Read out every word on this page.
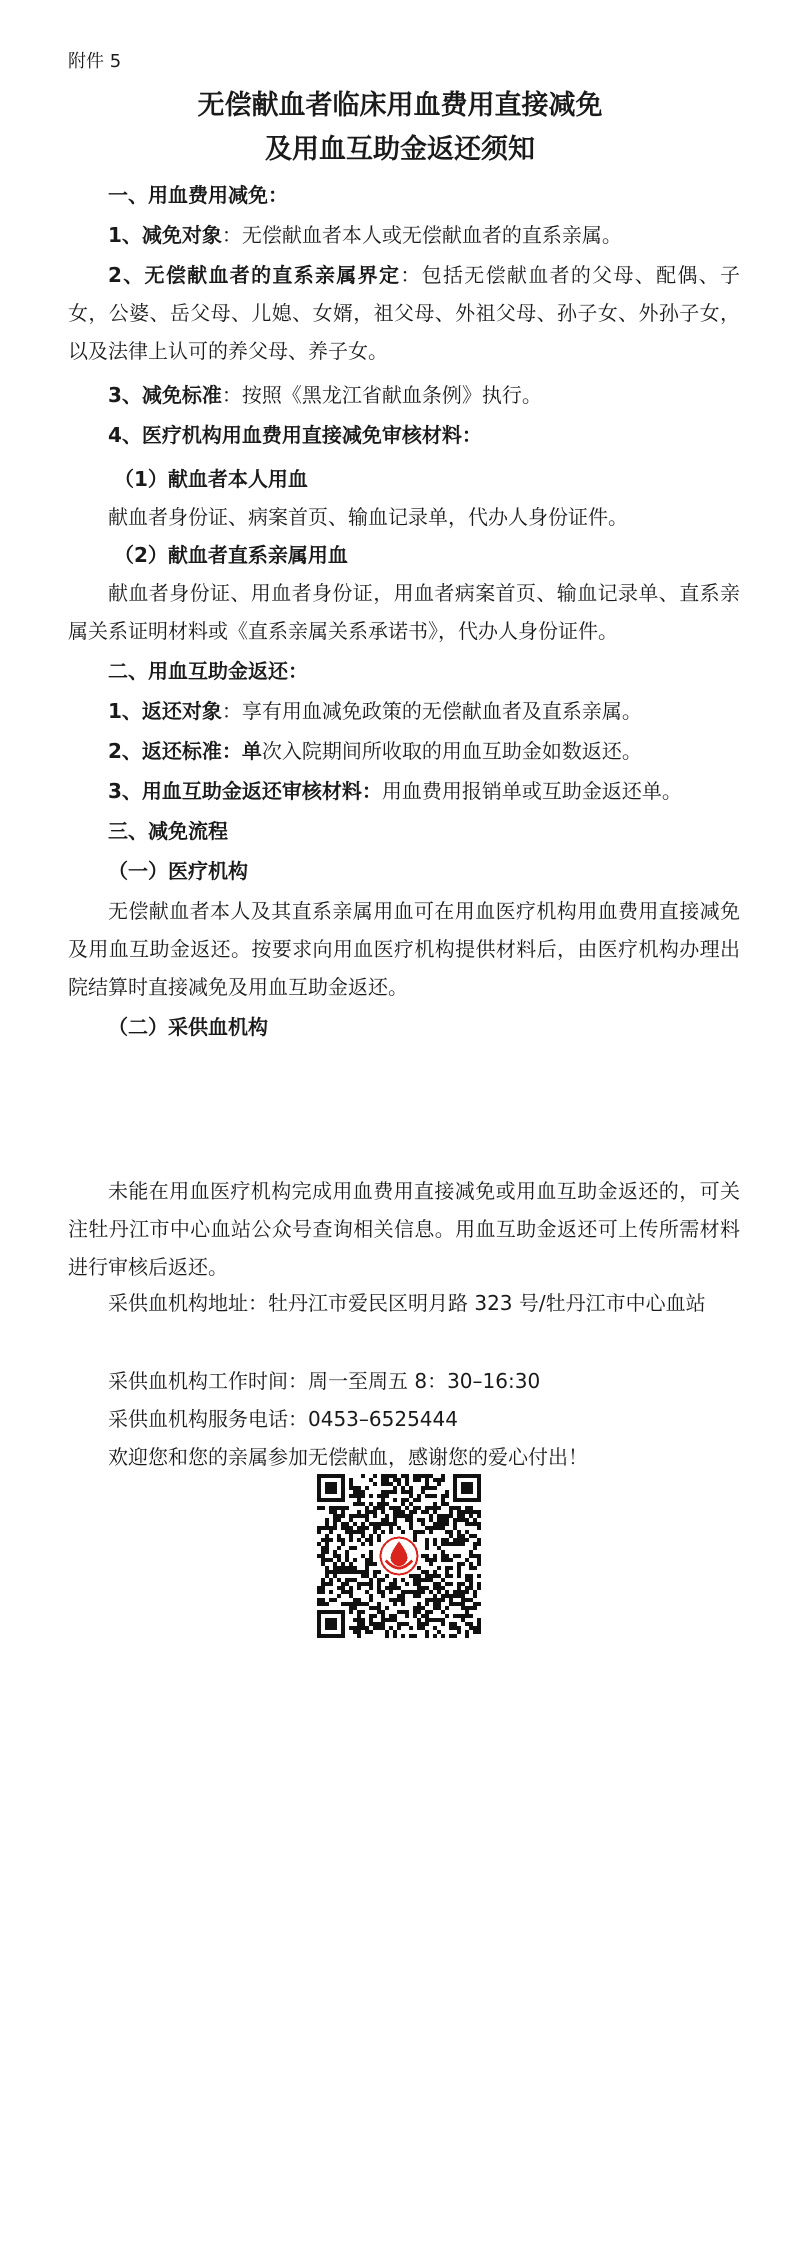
附件 5
无偿献血者临床用血费用直接减免
及用血互助金返还须知
一、用血费用减免：
1、减免对象：无偿献血者本人或无偿献血者的直系亲属。
2、无偿献血者的直系亲属界定：包括无偿献血者的父母、配偶、子女，公婆、岳父母、儿媳、女婿，祖父母、外祖父母、孙子女、外孙子女，以及法律上认可的养父母、养子女。
3、减免标准：按照《黑龙江省献血条例》执行。
4、医疗机构用血费用直接减免审核材料：
（1）献血者本人用血
献血者身份证、病案首页、输血记录单，代办人身份证件。
（2）献血者直系亲属用血
献血者身份证、用血者身份证，用血者病案首页、输血记录单、直系亲属关系证明材料或《直系亲属关系承诺书》，代办人身份证件。
二、用血互助金返还：
1、返还对象：享有用血减免政策的无偿献血者及直系亲属。
2、返还标准：单次入院期间所收取的用血互助金如数返还。
3、用血互助金返还审核材料：用血费用报销单或互助金返还单。
三、减免流程
（一）医疗机构
无偿献血者本人及其直系亲属用血可在用血医疗机构用血费用直接减免及用血互助金返还。按要求向用血医疗机构提供材料后，由医疗机构办理出院结算时直接减免及用血互助金返还。
（二）采供血机构
未能在用血医疗机构完成用血费用直接减免或用血互助金返还的，可关注牡丹江市中心血站公众号查询相关信息。用血互助金返还可上传所需材料进行审核后返还。
采供血机构地址：牡丹江市爱民区明月路 323 号/牡丹江市中心血站
采供血机构工作时间：周一至周五 8：30–16:30
采供血机构服务电话：0453–6525444
欢迎您和您的亲属参加无偿献血，感谢您的爱心付出！
